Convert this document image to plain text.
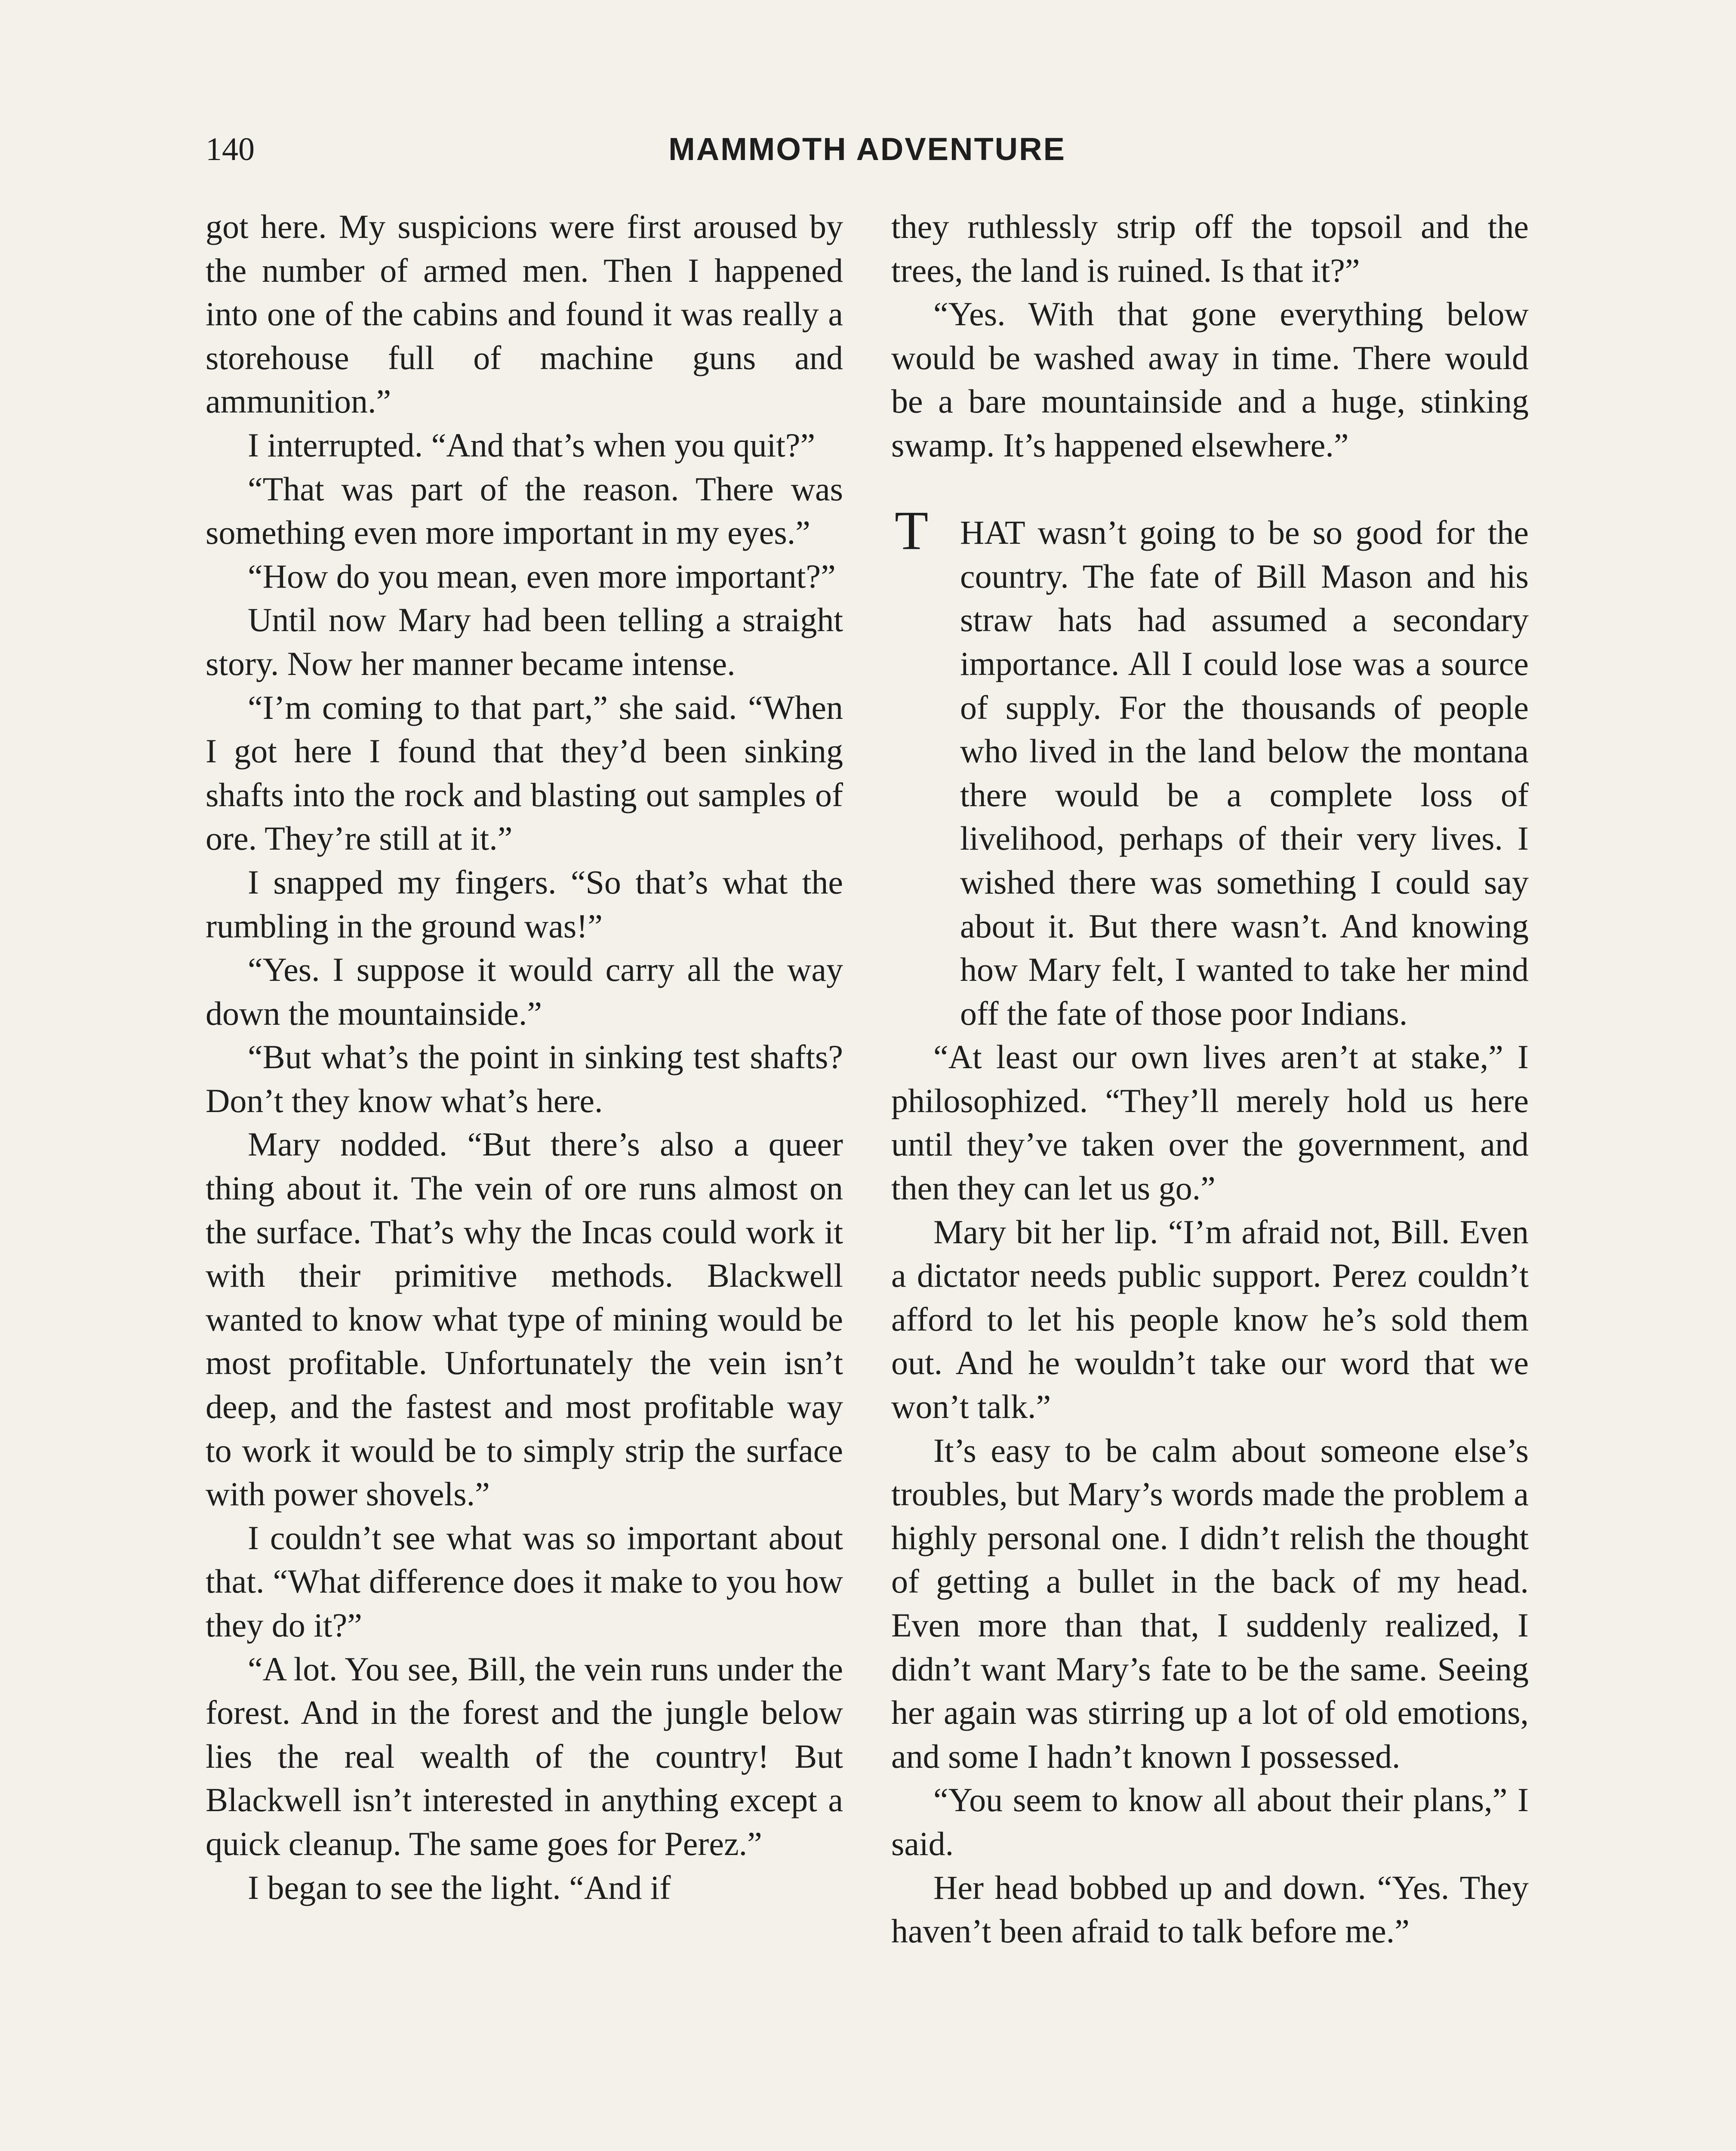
140	MAMMOTH ADVENTURE

got here. My suspicions were first aroused by the number of armed men. Then I happened into one of the cabins and found it was really a storehouse full of machine guns and ammunition.”

I interrupted. “And that’s when you quit?”

“That was part of the reason. There was something even more important in my eyes.”

“How do you mean, even more important?”

Until now Mary had been telling a straight story. Now her manner became intense.

“I’m coming to that part,” she said. “When I got here I found that they’d been sinking shafts into the rock and blasting out samples of ore. They’re still at it.”

I snapped my fingers. “So that’s what the rumbling in the ground was!”

“Yes. I suppose it would carry all the way down the mountainside.”

“But what’s the point in sinking test shafts? Don’t they know what’s here.

Mary nodded. “But there’s also a queer thing about it. The vein of ore runs almost on the surface. That’s why the Incas could work it with their primitive methods. Blackwell wanted to know what type of mining would be most profitable. Unfortunately the vein isn’t deep, and the fastest and most profitable way to work it would be to simply strip the surface with power shovels.”

I couldn’t see what was so important about that. “What difference does it make to you how they do it?”

“A lot. You see, Bill, the vein runs under the forest. And in the forest and the jungle below lies the real wealth of the country! But Blackwell isn’t interested in anything except a quick cleanup. The same goes for Perez.”

I began to see the light. “And if

they ruthlessly strip off the topsoil and the trees, the land is ruined. Is that it?”

“Yes. With that gone everything below would be washed away in time. There would be a bare mountainside and a huge, stinking swamp. It’s happened elsewhere.”

T HAT wasn’t going to be so good for the country. The fate of Bill Mason and his straw hats had assumed a secondary importance. All I could lose was a source of supply. For the thousands of people who lived in the land below the montana there would be a complete loss of livelihood, perhaps of their very lives. I wished there was something I could say about it. But there wasn’t. And knowing how Mary felt, I wanted to take her mind off the fate of those poor Indians.

“At least our own lives aren’t at stake,” I philosophized. “They’ll merely hold us here until they’ve taken over the government, and then they can let us go.”

Mary bit her lip. “I’m afraid not, Bill. Even a dictator needs public support. Perez couldn’t afford to let his people know he’s sold them out. And he wouldn’t take our word that we won’t talk.”

It’s easy to be calm about someone else’s troubles, but Mary’s words made the problem a highly personal one. I didn’t relish the thought of getting a bullet in the back of my head. Even more than that, I suddenly realized, I didn’t want Mary’s fate to be the same. Seeing her again was stirring up a lot of old emotions, and some I hadn’t known I possessed.

“You seem to know all about their plans,” I said.

Her head bobbed up and down. “Yes. They haven’t been afraid to talk before me.”
